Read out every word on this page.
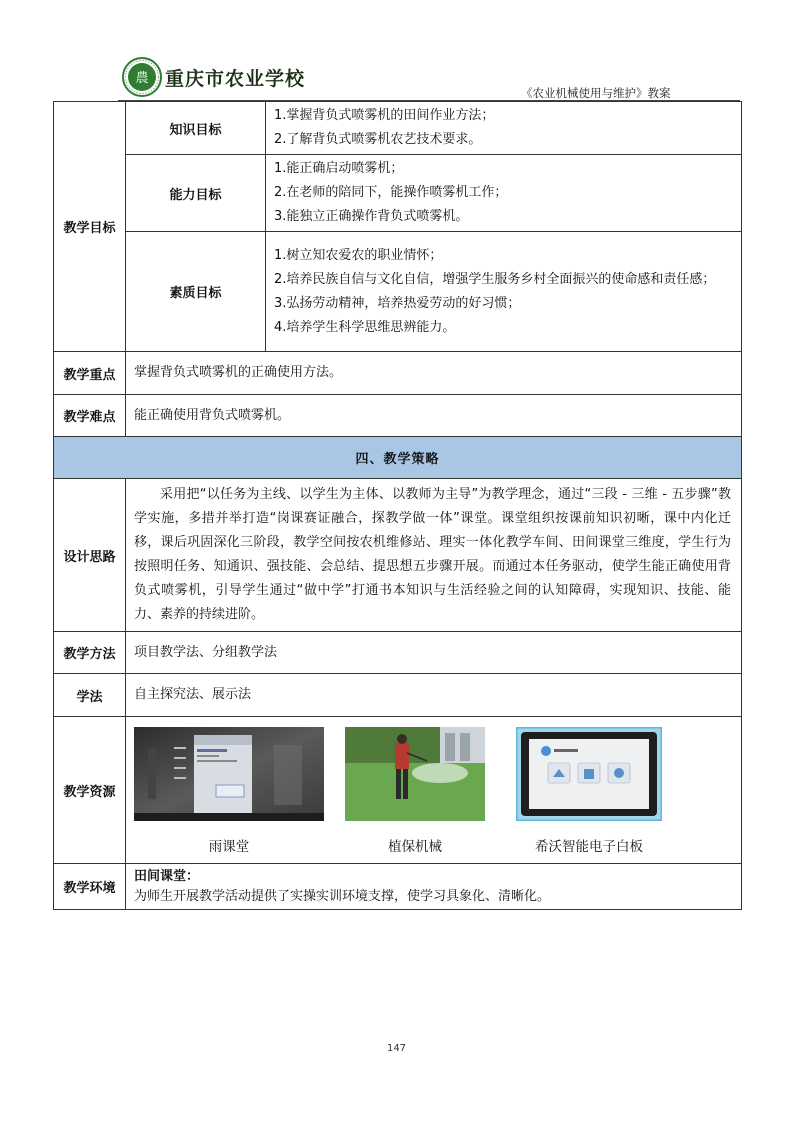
農 重庆市农业学校
《农业机械使用与维护》教案
教学目标	知识目标	1.掌握背负式喷雾机的田间作业方法；
2.了解背负式喷雾机农艺技术要求。

	能力目标	1.能正确启动喷雾机；
2.在老师的陪同下，能操作喷雾机工作；
3.能独立正确操作背负式喷雾机。

	素质目标	1.树立知农爱农的职业情怀；
2.培养民族自信与文化自信，增强学生服务乡村全面振兴的使命感和责任感；
3.弘扬劳动精神，培养热爱劳动的好习惯；
4.培养学生科学思维思辨能力。

教学重点	掌握背负式喷雾机的正确使用方法。	
教学难点	能正确使用背负式喷雾机。	
四、教学策略		
设计思路	采用把“以任务为主线、以学生为主体、以教师为主导”为教学理念，通过“三段 - 三维 - 五步骤”教学实施，多措并举打造“岗课赛证融合，探教学做一体”课堂。课堂组织按课前知识初晰，课中内化迁移，课后巩固深化三阶段，教学空间按农机维修站、理实一体化教学车间、田间课堂三维度，学生行为按照明任务、知通识、强技能、会总结、提思想五步骤开展。而通过本任务驱动，使学生能正确使用背负式喷雾机，引导学生通过“做中学”打通书本知识与生活经验之间的认知障碍，实现知识、技能、能力、素养的持续进阶。	
教学方法	项目教学法、分组教学法	
学法	自主探究法、展示法	
教学资源	雨课堂 植保机械 希沃智能电子白板	

教学环境	田间课堂：
为师生开展教学活动提供了实操实训环境支撑，使学习具象化、清晰化。	
147
